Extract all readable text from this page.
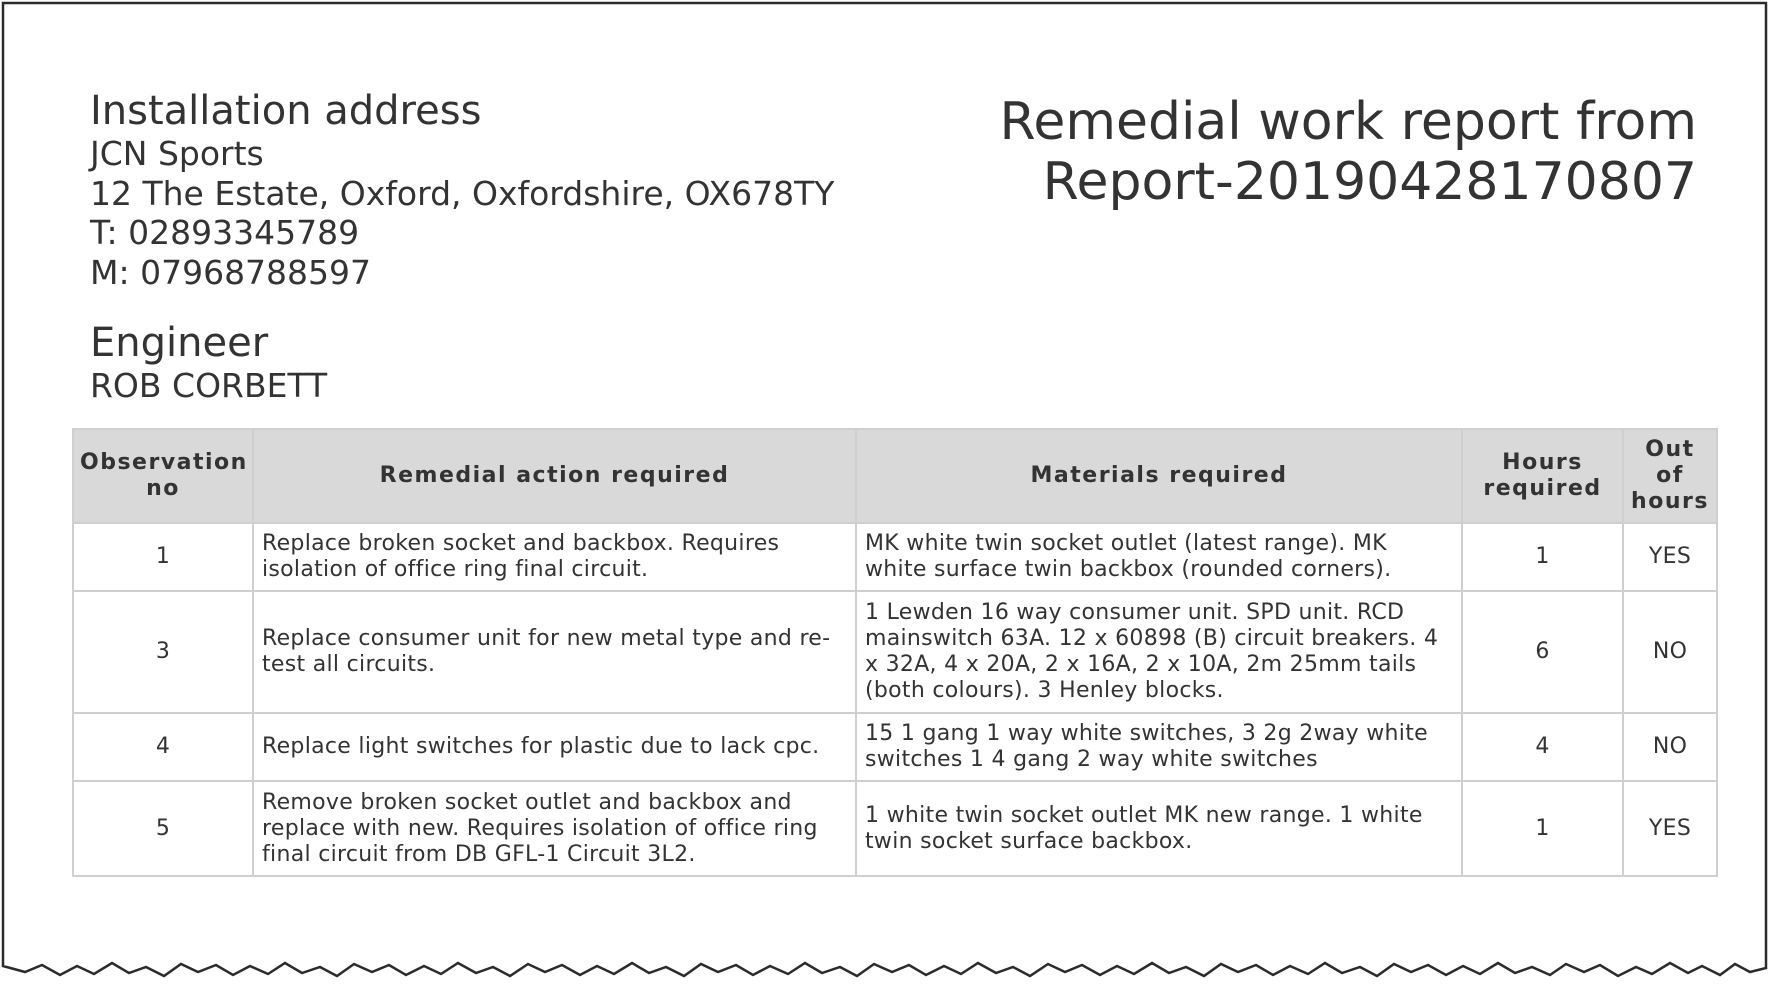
Installation address
JCN Sports
12 The Estate, Oxford, Oxfordshire, OX678TY
T: 02893345789
M: 07968788597
Engineer
ROB CORBETT
Remedial work report from
Report-20190428170807
Observation no	Remedial action required	Materials required	Hours required	Out of hours
1	Replace broken socket and backbox. Requires isolation of office ring final circuit.	MK white twin socket outlet (latest range). MK white surface twin backbox (rounded corners).	1	YES
3	Replace consumer unit for new metal type and re-test all circuits.	1 Lewden 16 way consumer unit. SPD unit. RCD mainswitch 63A. 12 x 60898 (B) circuit breakers. 4 x 32A, 4 x 20A, 2 x 16A, 2 x 10A, 2m 25mm tails (both colours). 3 Henley blocks.	6	NO
4	Replace light switches for plastic due to lack cpc.	15 1 gang 1 way white switches, 3 2g 2way white switches 1 4 gang 2 way white switches	4	NO
5	Remove broken socket outlet and backbox and replace with new. Requires isolation of office ring final circuit from DB GFL-1 Circuit 3L2.	1 white twin socket outlet MK new range. 1 white twin socket surface backbox.	1	YES
